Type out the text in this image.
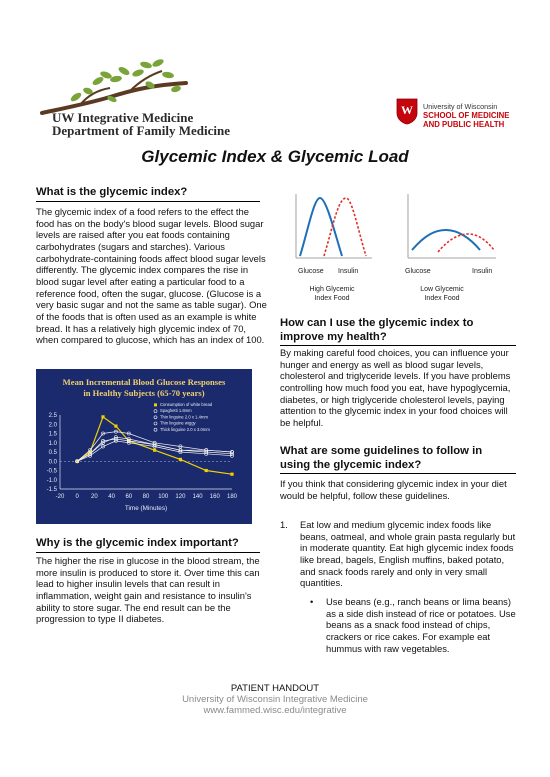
UW Integrative Medicine
Department of Family Medicine
W University of Wisconsin
SCHOOL OF MEDICINE
AND PUBLIC HEALTH
Glycemic Index & Glycemic Load
What is the glycemic index?

The glycemic index of a food refers to the effect the food has on the body's blood sugar levels. Blood sugar levels are raised after you eat foods containing carbohydrates (sugars and starches). Various carbohydrate-containing foods affect blood sugar levels differently. The glycemic index compares the rise in blood sugar level after eating a particular food to a reference food, often the sugar, glucose. (Glucose is a very basic sugar and not the same as table sugar). One of the foods that is often used as an example is white bread. It has a relatively high glycemic index of 70, when compared to glucose, which has an index of 100.

Mean Incremental Blood Glucose Responses
in Healthy Subjects (65-70 years)
2.5
2.0
1.5
1.0
0.5
0.0
-0.5
-1.0
-1.5
-20 0 20 40 60 80 100 120 140 160 180
Time (Minutes)
Consumption of white bread
Spaghetti 1.8mm
Thin linguine 2.0 x 1.4mm
Thin linguine wiggy
Thick linguine 2.0 x 3.0mm
Why is the glycemic index important?

The higher the rise in glucose in the blood stream, the more insulin is produced to store it. Over time this can lead to higher insulin levels that can result in inflammation, weight gain and resistance to insulin's ability to store sugar. The end result can be the progression to type II diabetes.

Glucose Insulin	Glucose	Insulin
High Glycemic
Index Food
Low Glycemic
Index Food
How can I use the glycemic index to
improve my health?

By making careful food choices, you can influence your hunger and energy as well as blood sugar levels, cholesterol and triglyceride levels. If you have problems controlling how much food you eat, have hypoglycemia, diabetes, or high triglyceride cholesterol levels, paying attention to the glycemic index in your food choices will be helpful.

What are some guidelines to follow in
using the glycemic index?

If you think that considering glycemic index in your diet would be helpful, follow these guidelines.

1. Eat low and medium glycemic index foods like beans, oatmeal, and whole grain pasta regularly but in moderate quantity. Eat high glycemic index foods like bread, bagels, English muffins, baked potato, and snack foods rarely and only in very small quantities.
• Use beans (e.g., ranch beans or lima beans) as a side dish instead of rice or potatoes. Use beans as a snack food instead of chips, crackers or rice cakes. For example eat hummus with raw vegetables.
PATIENT HANDOUT
University of Wisconsin Integrative Medicine
www.fammed.wisc.edu/integrative
